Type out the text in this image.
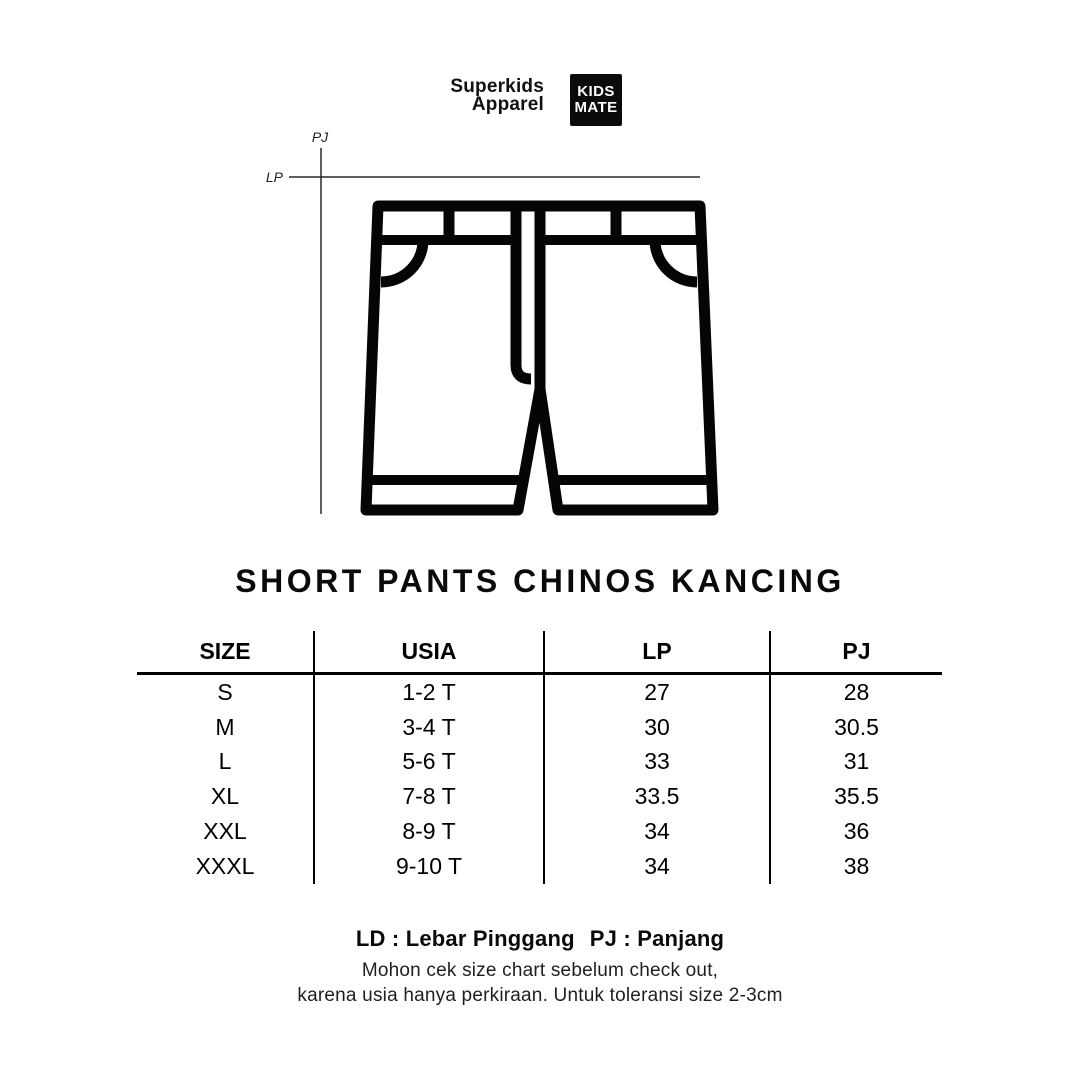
Superkids
Apparel
KIDS
MATE
PJ
LP
SHORT PANTS CHINOS KANCING
SIZE	USIA	LP	PJ
S	1-2 T	27	28
M	3-4 T	30	30.5
L	5-6 T	33	31
XL	7-8 T	33.5	35.5
XXL	8-9 T	34	36
XXXL	9-10 T	34	38
LD : Lebar Pinggang PJ : Panjang
Mohon cek size chart sebelum check out,
karena usia hanya perkiraan. Untuk toleransi size 2-3cm
